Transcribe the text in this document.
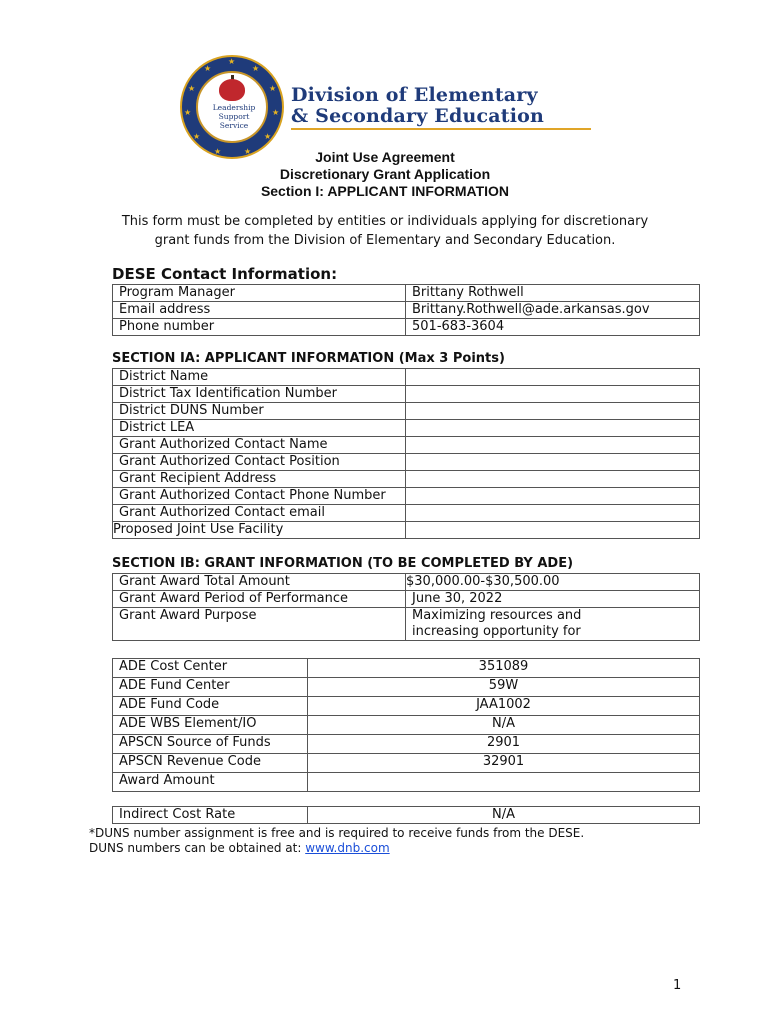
★
★
★
★
★
★
★
★
★
★
★
Leadership
Support
Service
Division of Elementary
& Secondary Education
Joint Use Agreement
Discretionary Grant Application
Section I: APPLICANT INFORMATION
This form must be completed by entities or individuals applying for discretionary
grant funds from the Division of Elementary and Secondary Education.
DESE Contact Information:
Program Manager	Brittany Rothwell
Email address	Brittany.Rothwell@ade.arkansas.gov
Phone number	501-683-3604
SECTION IA: APPLICANT INFORMATION (Max 3 Points)
District Name	
District Tax Identification Number	
District DUNS Number	
District LEA	
Grant Authorized Contact Name	
Grant Authorized Contact Position	
Grant Recipient Address	
Grant Authorized Contact Phone Number	
Grant Authorized Contact email	
Proposed Joint Use Facility	
SECTION IB: GRANT INFORMATION (TO BE COMPLETED BY ADE)
Grant Award Total Amount	$30,000.00-$30,500.00
Grant Award Period of Performance	June 30, 2022
Grant Award Purpose	Maximizing resources and
increasing opportunity for
ADE Cost Center	351089
ADE Fund Center	59W
ADE Fund Code	JAA1002
ADE WBS Element/IO	N/A
APSCN Source of Funds	2901
APSCN Revenue Code	32901
Award Amount	
Indirect Cost Rate	N/A
*DUNS number assignment is free and is required to receive funds from the DESE.
DUNS numbers can be obtained at: www.dnb.com
1
